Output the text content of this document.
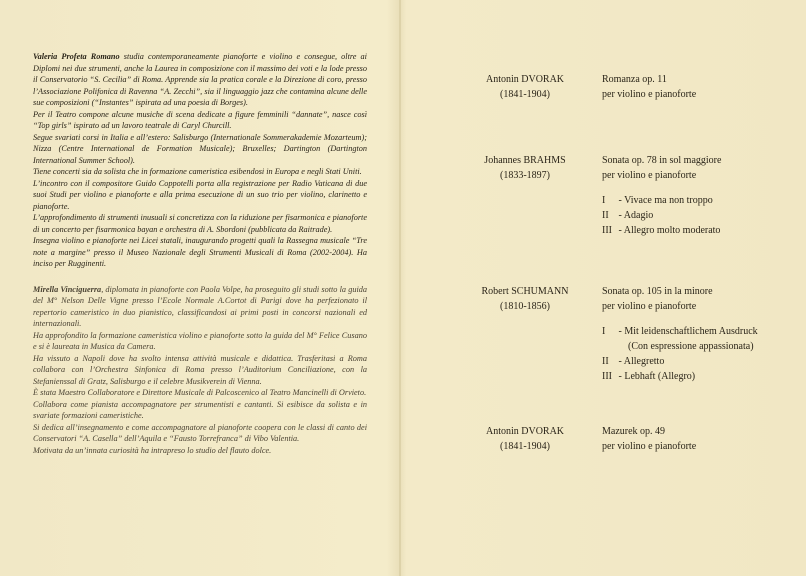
Valeria Profeta Romano studia contemporaneamente pianoforte e violino e consegue, oltre ai Diplomi nei due strumenti, anche la Laurea in composizione con il massimo dei voti e la lode presso il Conservatorio “S. Cecilia” di Roma. Apprende sia la pratica corale e la Direzione di coro, presso l’Associazione Polifonica di Ravenna “A. Zecchi”, sia il linguaggio jazz che contamina alcune delle sue composizioni (“Instantes” ispirata ad una poesia di Borges).

Per il Teatro compone alcune musiche di scena dedicate a figure femminili “dannate”, nasce così “Top girls” ispirato ad un lavoro teatrale di Caryl Churcill.

Segue svariati corsi in Italia e all’estero: Salisburgo (Internationale Sommerakademie Mozarteum); Nizza (Centre International de Formation Musicale); Bruxelles; Dartington (Dartington International Summer School).

Tiene concerti sia da solista che in formazione cameristica esibendosi in Europa e negli Stati Uniti.

L’incontro con il compositore Guido Coppotelli porta alla registrazione per Radio Vaticana di due suoi Studi per violino e pianoforte e alla prima esecuzione di un suo trio per violino, clarinetto e pianoforte.

L’approfondimento di strumenti inusuali si concretizza con la riduzione per fisarmonica e pianoforte di un concerto per fisarmonica bayan e orchestra di A. Sbordoni (pubblicata da Raitrade).

Insegna violino e pianoforte nei Licei statali, inaugurando progetti quali la Rassegna musicale “Tre note a margine” presso il Museo Nazionale degli Strumenti Musicali di Roma (2002-2004). Ha inciso per Rugginenti.

Mirella Vinciguerra, diplomata in pianoforte con Paola Volpe, ha proseguito gli studi sotto la guida del M° Nelson Delle Vigne presso l’Ecole Normale A.Cortot di Parigi dove ha perfezionato il repertorio cameristico in duo pianistico, classificandosi ai primi posti in concorsi nazionali ed internazionali.

Ha approfondito la formazione cameristica violino e pianoforte sotto la guida del M° Felice Cusano e si è laureata in Musica da Camera.

Ha vissuto a Napoli dove ha svolto intensa attività musicale e didattica. Trasferitasi a Roma collabora con l’Orchestra Sinfonica di Roma presso l’Auditorium Conciliazione, con la Stefanienssal di Gratz, Salisburgo e il celebre Musikverein di Vienna.

È stata Maestro Collaboratore e Direttore Musicale di Palcoscenico al Teatro Mancinelli di Orvieto.

Collabora come pianista accompagnatore per strumentisti e cantanti. Si esibisce da solista e in svariate formazioni cameristiche.

Si dedica all’insegnamento e come accompagnatore al pianoforte coopera con le classi di canto dei Conservatori “A. Casella” dell’Aquila e “Fausto Torrefranca” di Vibo Valentia.

Motivata da un’innata curiosità ha intrapreso lo studio del flauto dolce.

Antonin DVORAK
(1841-1904)
Romanza op. 11
per violino e pianoforte
Johannes BRAHMS
(1833-1897)
Sonata op. 78 in sol maggiore
per violino e pianoforte
I - Vivace ma non troppo
II - Adagio
III - Allegro molto moderato
Robert SCHUMANN
(1810-1856)
Sonata op. 105 in la minore
per violino e pianoforte
I - Mit leidenschaftlichem Ausdruck
(Con espressione appassionata)
II - Allegretto
III - Lebhaft (Allegro)
Antonin DVORAK
(1841-1904)
Mazurek op. 49
per violino e pianoforte
